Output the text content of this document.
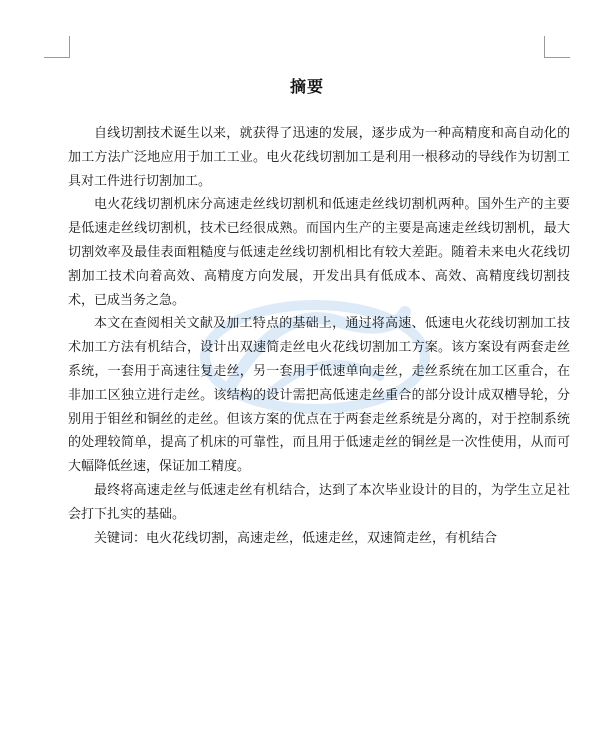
摘要

自线切割技术诞生以来，就获得了迅速的发展，逐步成为一种高精度和高自动化的加工方法广泛地应用于加工工业。电火花线切割加工是利用一根移动的导线作为切割工具对工件进行切割加工。

电火花线切割机床分高速走丝线切割机和低速走丝线切割机两种。国外生产的主要是低速走丝线切割机，技术已经很成熟。而国内生产的主要是高速走丝线切割机，最大切割效率及最佳表面粗糙度与低速走丝线切割机相比有较大差距。随着未来电火花线切割加工技术向着高效、高精度方向发展，开发出具有低成本、高效、高精度线切割技术，已成当务之急。

本文在查阅相关文献及加工特点的基础上，通过将高速、低速电火花线切割加工技术加工方法有机结合，设计出双速简走丝电火花线切割加工方案。该方案设有两套走丝系统，一套用于高速往复走丝，另一套用于低速单向走丝，走丝系统在加工区重合，在非加工区独立进行走丝。该结构的设计需把高低速走丝重合的部分设计成双槽导轮，分别用于钼丝和铜丝的走丝。但该方案的优点在于两套走丝系统是分离的，对于控制系统的处理较简单，提高了机床的可靠性，而且用于低速走丝的铜丝是一次性使用，从而可大幅降低丝速，保证加工精度。

最终将高速走丝与低速走丝有机结合，达到了本次毕业设计的目的，为学生立足社会打下扎实的基础。

关键词：电火花线切割，高速走丝，低速走丝，双速简走丝，有机结合
